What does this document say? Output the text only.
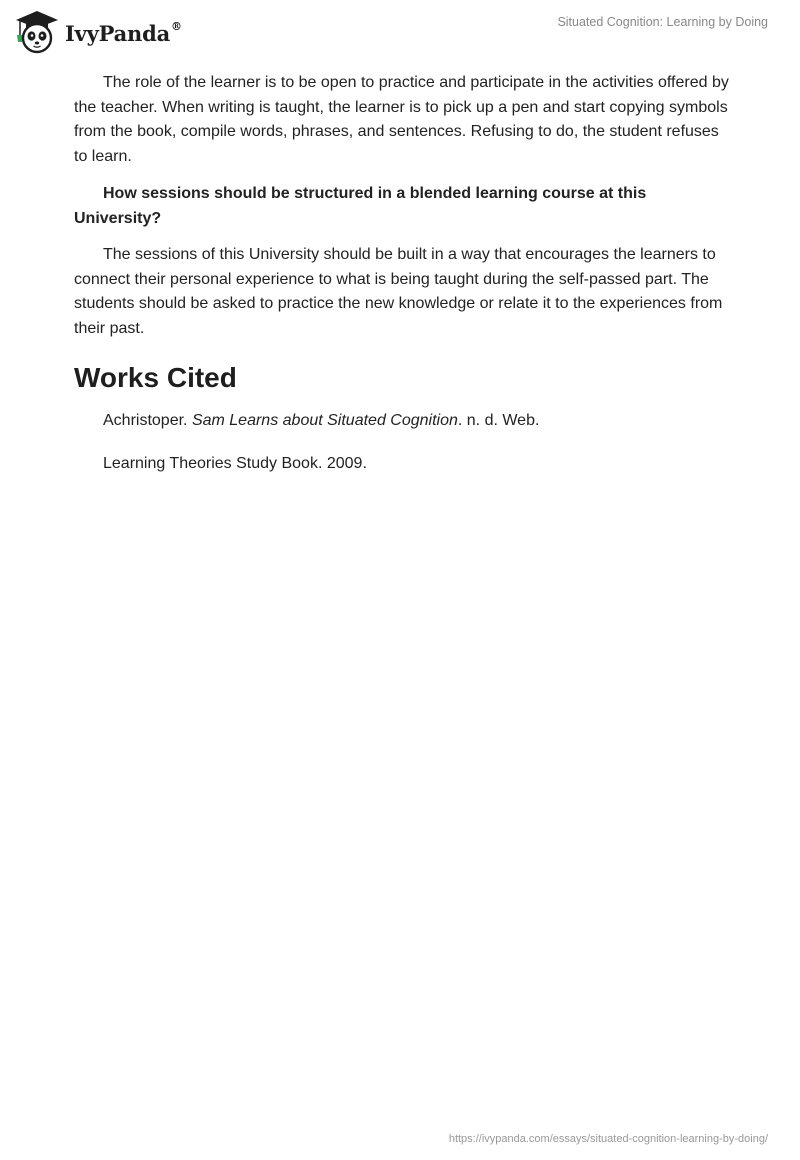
IvyPanda®	Situated Cognition: Learning by Doing

The role of the learner is to be open to practice and participate in the activities offered by the teacher. When writing is taught, the learner is to pick up a pen and start copying symbols from the book, compile words, phrases, and sentences. Refusing to do, the student refuses to learn.

How sessions should be structured in a blended learning course at this University?

The sessions of this University should be built in a way that encourages the learners to connect their personal experience to what is being taught during the self-passed part. The students should be asked to practice the new knowledge or relate it to the experiences from their past.

Works Cited

Achristoper. Sam Learns about Situated Cognition. n. d. Web.

Learning Theories Study Book. 2009.

https://ivypanda.com/essays/situated-cognition-learning-by-doing/
